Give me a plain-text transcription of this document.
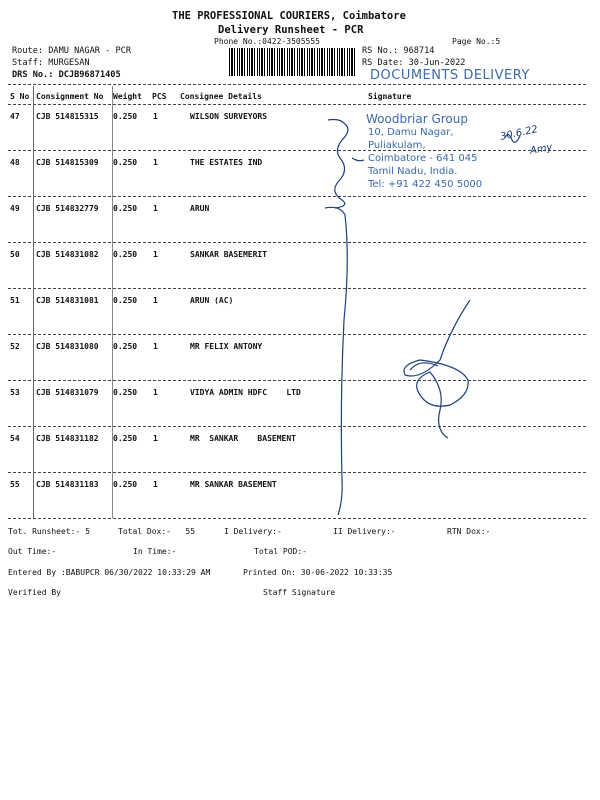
THE PROFESSIONAL COURIERS, Coimbatore
Delivery Runsheet - PCR
Phone No.:0422-3505555	Page No.:5
Route: DAMU NAGAR - PCR
Staff: MURGESAN
DRS No.: DCJB96871405
RS No.: 968714
RS Date: 30-Jun-2022
DOCUMENTS DELIVERY
S No Consignment No Weight PCS Consignee Details	Signature
47 CJB 514815315 0.250 1	WILSON SURVEYORS
48 CJB 514815309 0.250 1	THE ESTATES IND
49 CJB 514832779 0.250 1	ARUN
50 CJB 514831082 0.250 1	SANKAR BASEMERIT
51 CJB 514831081 0.250 1	ARUN (AC)
52 CJB 514831080 0.250 1	MR FELIX ANTONY
53 CJB 514831079 0.250 1	VIDYA ADMIN HDFC    LTD
54 CJB 514831182 0.250 1	MR  SANKAR    BASEMENT
55 CJB 514831183 0.250 1	MR SANKAR BASEMENT
Woodbriar Group
10, Damu Nagar,
Puliakulam,
Coimbatore - 641 045
Tamil Nadu, India.
Tel: +91 422 450 5000
30.6.22
Amy
Tot. Runsheet:- 5	Total Dox:-   55	I Delivery:-	II Delivery:-	RTN Dox:-
Out Time:-	In Time:-	Total POD:-
Entered By :BABUPCR 06/30/2022 10:33:29 AM	Printed On: 30-06-2022 10:33:35
Verified By	Staff Signature
